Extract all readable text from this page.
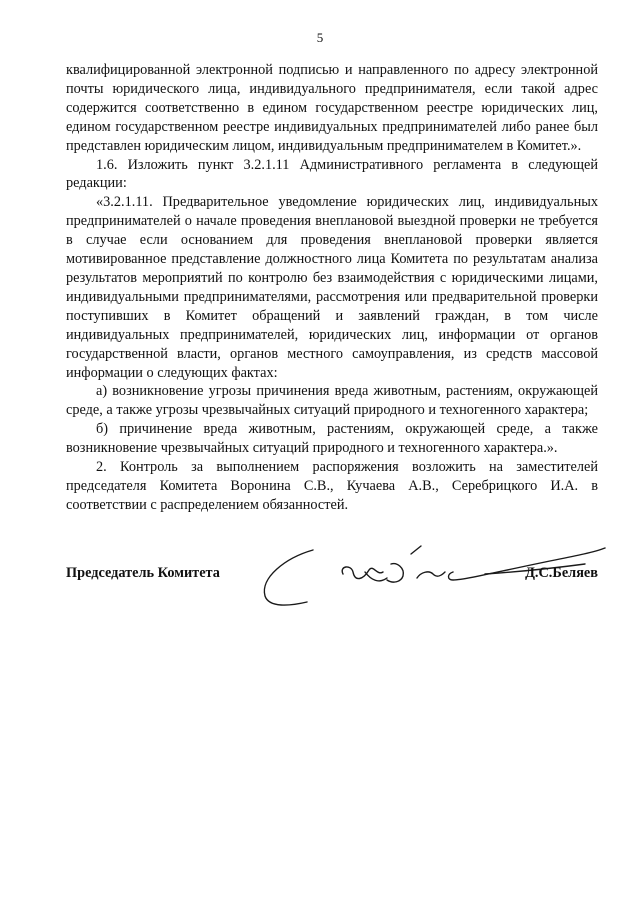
5

квалифицированной электронной подписью и направленного по адресу электронной почты юридического лица, индивидуального предпринимателя, если такой адрес содержится соответственно в едином государственном реестре юридических лиц, едином государственном реестре индивидуальных предпринимателей либо ранее был представлен юридическим лицом, индивидуальным предпринимателем в Комитет.».

1.6. Изложить пункт 3.2.1.11 Административного регламента в следующей редакции:

«3.2.1.11. Предварительное уведомление юридических лиц, индивидуальных предпринимателей о начале проведения внеплановой выездной проверки не требуется в случае если основанием для проведения внеплановой проверки является мотивированное представление должностного лица Комитета по результатам анализа результатов мероприятий по контролю без взаимодействия с юридическими лицами, индивидуальными предпринимателями, рассмотрения или предварительной проверки поступивших в Комитет обращений и заявлений граждан, в том числе индивидуальных предпринимателей, юридических лиц, информации от органов государственной власти, органов местного самоуправления, из средств массовой информации о следующих фактах:

а) возникновение угрозы причинения вреда животным, растениям, окружающей среде, а также угрозы чрезвычайных ситуаций природного и техногенного характера;

б) причинение вреда животным, растениям, окружающей среде, а также возникновение чрезвычайных ситуаций природного и техногенного характера.».

2. Контроль за выполнением распоряжения возложить на заместителей председателя Комитета Воронина С.В., Кучаева А.В., Серебрицкого И.А. в соответствии с распределением обязанностей.

Председатель Комитета	Д.С.Беляев
